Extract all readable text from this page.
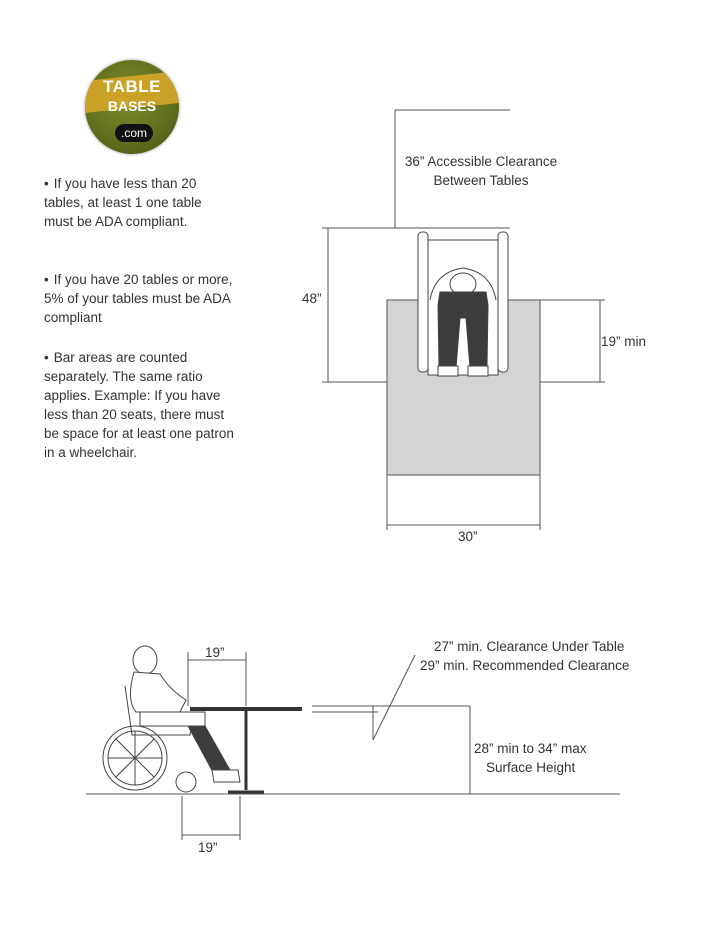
TABLE
BASES
.com
• If you have less than 20 tables, at least 1 one table must be ADA compliant.
• If you have 20 tables or more, 5% of your tables must be ADA compliant
• Bar areas are counted separately. The same ratio applies. Example: If you have less than 20 seats, there must be space for at least one patron in a wheelchair.
36” Accessible Clearance Between Tables
48”
19” min
30”
19”
19”
27” min. Clearance Under Table
29” min. Recommended Clearance
28” min to 34” max
Surface Height
